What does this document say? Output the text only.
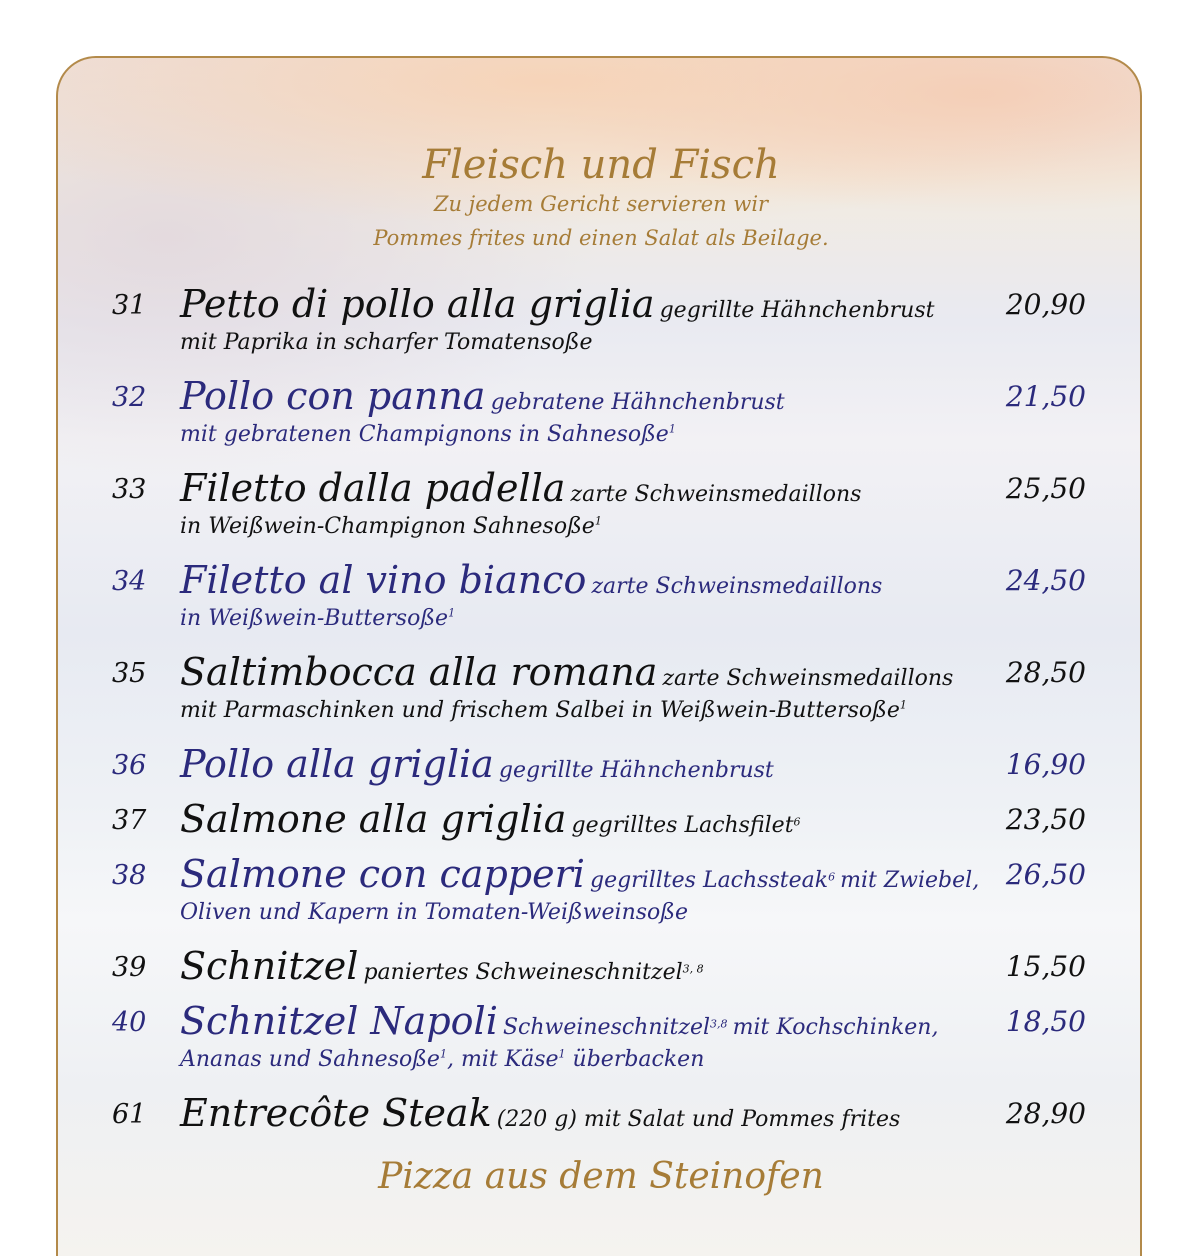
Fleisch und Fisch
Zu jedem Gericht servieren wir
Pommes frites und einen Salat als Beilage.
31 Petto di pollo alla griglia gegrillte Hähnchenbrust
mit Paprika in scharfer Tomatensoße
20,90
32 Pollo con panna gebratene Hähnchenbrust
mit gebratenen Champignons in Sahnesoße$^1$
21,50
33 Filetto dalla padella zarte Schweinsmedaillons
in Weißwein-Champignon Sahnesoße$^1$
25,50
34 Filetto al vino bianco zarte Schweinsmedaillons
in Weißwein-Buttersoße$^1$
24,50
35 Saltimbocca alla romana zarte Schweinsmedaillons
mit Parmaschinken und frischem Salbei in Weißwein-Buttersoße$^1$
28,50
36 Pollo alla griglia gegrillte Hähnchenbrust	16,90
37 Salmone alla griglia gegrilltes Lachsfilet$^6$	23,50
38 Salmone con capperi gegrilltes Lachssteak$^6$ mit Zwiebel,
Oliven und Kapern in Tomaten-Weißweinsoße
26,50
39 Schnitzel paniertes Schweineschnitzel$^{3, 8}$	15,50
40 Schnitzel Napoli Schweineschnitzel$^{3,8}$ mit Kochschinken,
Ananas und Sahnesoße$^1$, mit Käse$^1$ überbacken
18,50
61 Entrecôte Steak (220 g) mit Salat und Pommes frites	28,90
Pizza aus dem Steinofen
